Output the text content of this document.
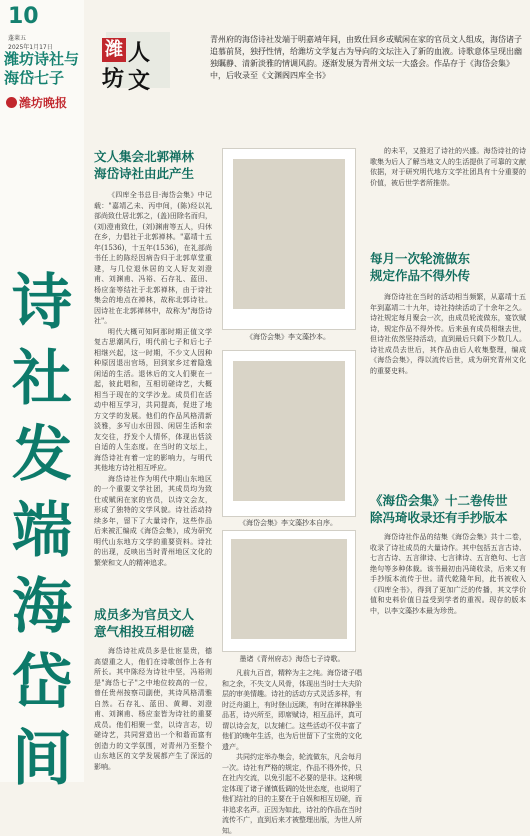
10
蓬莱五
2025年1月17日
潍坊诗社与海岱七子
潍坊晚报
诗社发端海岱间
潍 人
坊 文
青州府的海岱诗社发端于明嘉靖年间，由致仕回乡或赋闲在家的官员文人组成，海岱诸子追慕前贤，独抒性情，给潍坊文学复古为导向的文坛注入了新的血液。诗歌意体呈现出幽独瞩静、清新淡雅的情调风韵。逐渐发展为青州文坛一大盛会。作品存于《海岱会集》中，后收录至《文渊阁四库全书》
文人集会北郭禅林
海岱诗社由此产生

《四库全书总目·海岱会集》中记载："嘉靖乙未、丙申间，(陈)经以礼部尚致仕居北郭之，(盖)田除名而归，(刘)澄甫致仕，(刘)渊甫等五人，归休在乡，力倡社于北郭禅林。"嘉靖十五年(1536)，十五年(1536)，在礼部尚书任上的陈经因病告归于北郭草堂重建，与几位退休居的文人好友刘澄甫、刘渊甫、冯裕、石存礼、蓝田、杨应奎等结社于北郭禅林，由于诗社集会的地点在禅林，故称北郭诗社。因诗社在北郭禅林中，故称为"海岱诗社"。

明代大概可知阿那时期正值文学复古思潮风行，明代前七子和后七子相继兴起，这一时期，不少文人因种种原因退出官场，回到家乡过着隐逸闲适的生活。退休后的文人们聚在一起，彼此唱和，互相切磋诗艺，大概相当于现在的文学沙龙。成员们在活动中相互学习，共同提高，促进了地方文学的发展。他们的作品风格清新淡雅，多写山水田园、闲居生活和亲友交往，抒发个人情怀，体现出恬淡自适的人生态度。在当时的文坛上，海岱诗社有着一定的影响力，与明代其他地方诗社相互呼应。

海岱诗社作为明代中期山东地区的一个重要文学社团，其成员均为致仕或赋闲在家的官员，以诗文会友，形成了独特的文学风貌。诗社活动持续多年，留下了大量诗作，这些作品后来被汇编成《海岱会集》，成为研究明代山东地方文学的重要资料。诗社的出现，反映出当时青州地区文化的繁荣和文人的精神追求。

成员多为官员文人
意气相投互相切磋

海岱诗社成员多是仕宦显贵，德高望重之人，他们在诗歌创作上各有所长。其中陈经为诗社中坚，冯裕则是"海岱七子"之中地位较高的一位，曾任贵州按察司副使，其诗风格清雅自然。石存礼、蓝田、黄卿、刘澄甫、刘渊甫、杨应奎皆为诗社的重要成员。他们相聚一堂，以诗言志，切磋诗艺，共同营造出一个和谐而富有创造力的文学氛围，对青州乃至整个山东地区的文学发展都产生了深远的影响。

《海岱会集》李文藻抄本。
《海岱会集》李文藻抄本自序。
墨诸《青州府志》海岱七子诗歌。

凡前九百首，精粹为主之纯。海岱诸子唱和之余，不失文人风骨，体现出当时士大夫阶层的审美情趣。诗社的活动方式灵活多样，有时泛舟湖上，有时登山远眺，有时在禅林静坐品茗，诗兴所至，即席赋诗，相互品评，真可谓以诗会友，以友辅仁。这些活动不仅丰富了他们的晚年生活，也为后世留下了宝贵的文化遗产。

共同约定举办集会，轮流做东，凡会每月一次。诗社有严格的规定，作品不得外传，只在社内交流，以免引起不必要的是非。这种规定体现了诸子谨慎低调的处世态度，也说明了他们结社的目的主要在于自娱和相互切磋，而非追求名声。正因为如此，诗社的作品在当时流传不广，直到后来才被整理出版，为世人所知。

的未平，又推迟了诗社的兴盛。海岱诗社的诗歌集为后人了解当地文人的生活提供了可靠的文献依据，对于研究明代地方文学社团具有十分重要的价值，被后世学者所推崇。

每月一次轮流做东
规定作品不得外传

海岱诗社在当时的活动相当频繁，从嘉靖十五年到嘉靖二十九年，诗社持续活动了十余年之久。诗社规定每月聚会一次，由成员轮流做东，宴饮赋诗，规定作品不得外传。后来虽有成员相继去世，但诗社依然坚持活动，直到最后只剩下少数几人。诗社成员去世后，其作品由后人收集整理，编成《海岱会集》，得以流传后世，成为研究青州文化的重要史料。

《海岱会集》十二卷传世
除冯琦收录还有手抄版本

海岱诗社作品的结集《海岱会集》共十二卷，收录了诗社成员的大量诗作。其中包括五言古诗、七言古诗、五言律诗、七言律诗、五言绝句、七言绝句等多种体裁。该书最初由冯琦收录，后来又有手抄版本流传于世。清代乾隆年间，此书被收入《四库全书》，得到了更加广泛的传播，其文学价值和史料价值日益受到学者的重视。现存的版本中，以李文藻抄本最为珍贵。
